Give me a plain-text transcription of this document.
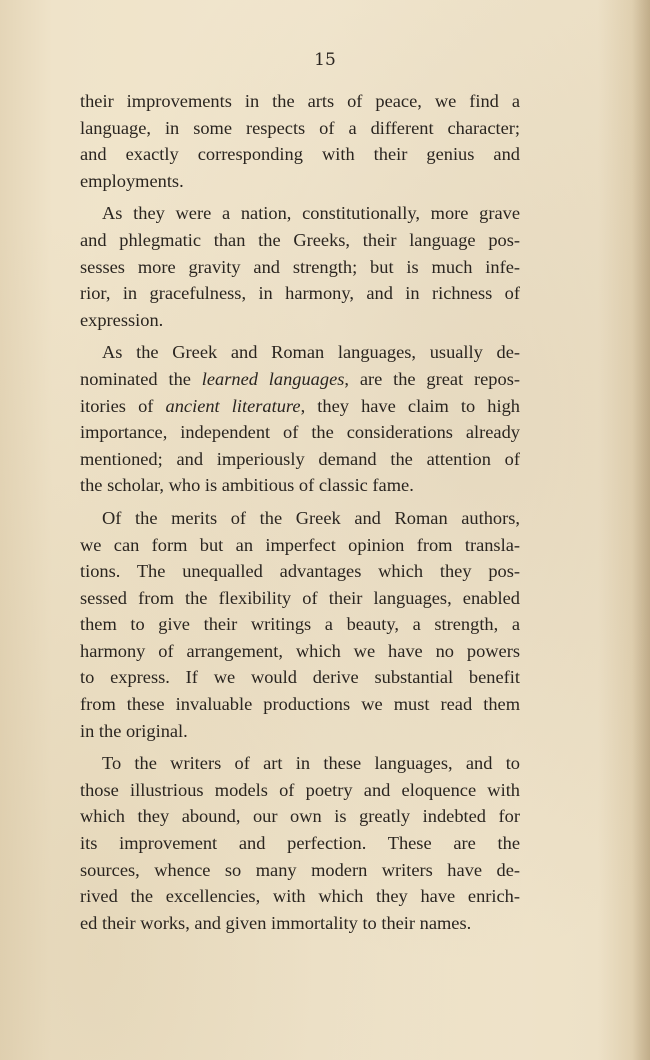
15

their improvements in the arts of peace, we find a
language, in some respects of a different character;
and exactly corresponding with their genius and
employments.

As they were a nation, constitutionally, more grave
and phlegmatic than the Greeks, their language pos-
sesses more gravity and strength; but is much infe-
rior, in gracefulness, in harmony, and in richness of
expression.

As the Greek and Roman languages, usually de-
nominated the learned languages, are the great repos-
itories of ancient literature, they have claim to high
importance, independent of the considerations already
mentioned; and imperiously demand the attention of
the scholar, who is ambitious of classic fame.

Of the merits of the Greek and Roman authors,
we can form but an imperfect opinion from transla-
tions. The unequalled advantages which they pos-
sessed from the flexibility of their languages, enabled
them to give their writings a beauty, a strength, a
harmony of arrangement, which we have no powers
to express. If we would derive substantial benefit
from these invaluable productions we must read them
in the original.

To the writers of art in these languages, and to
those illustrious models of poetry and eloquence with
which they abound, our own is greatly indebted for
its improvement and perfection. These are the
sources, whence so many modern writers have de-
rived the excellencies, with which they have enrich-
ed their works, and given immortality to their names.
